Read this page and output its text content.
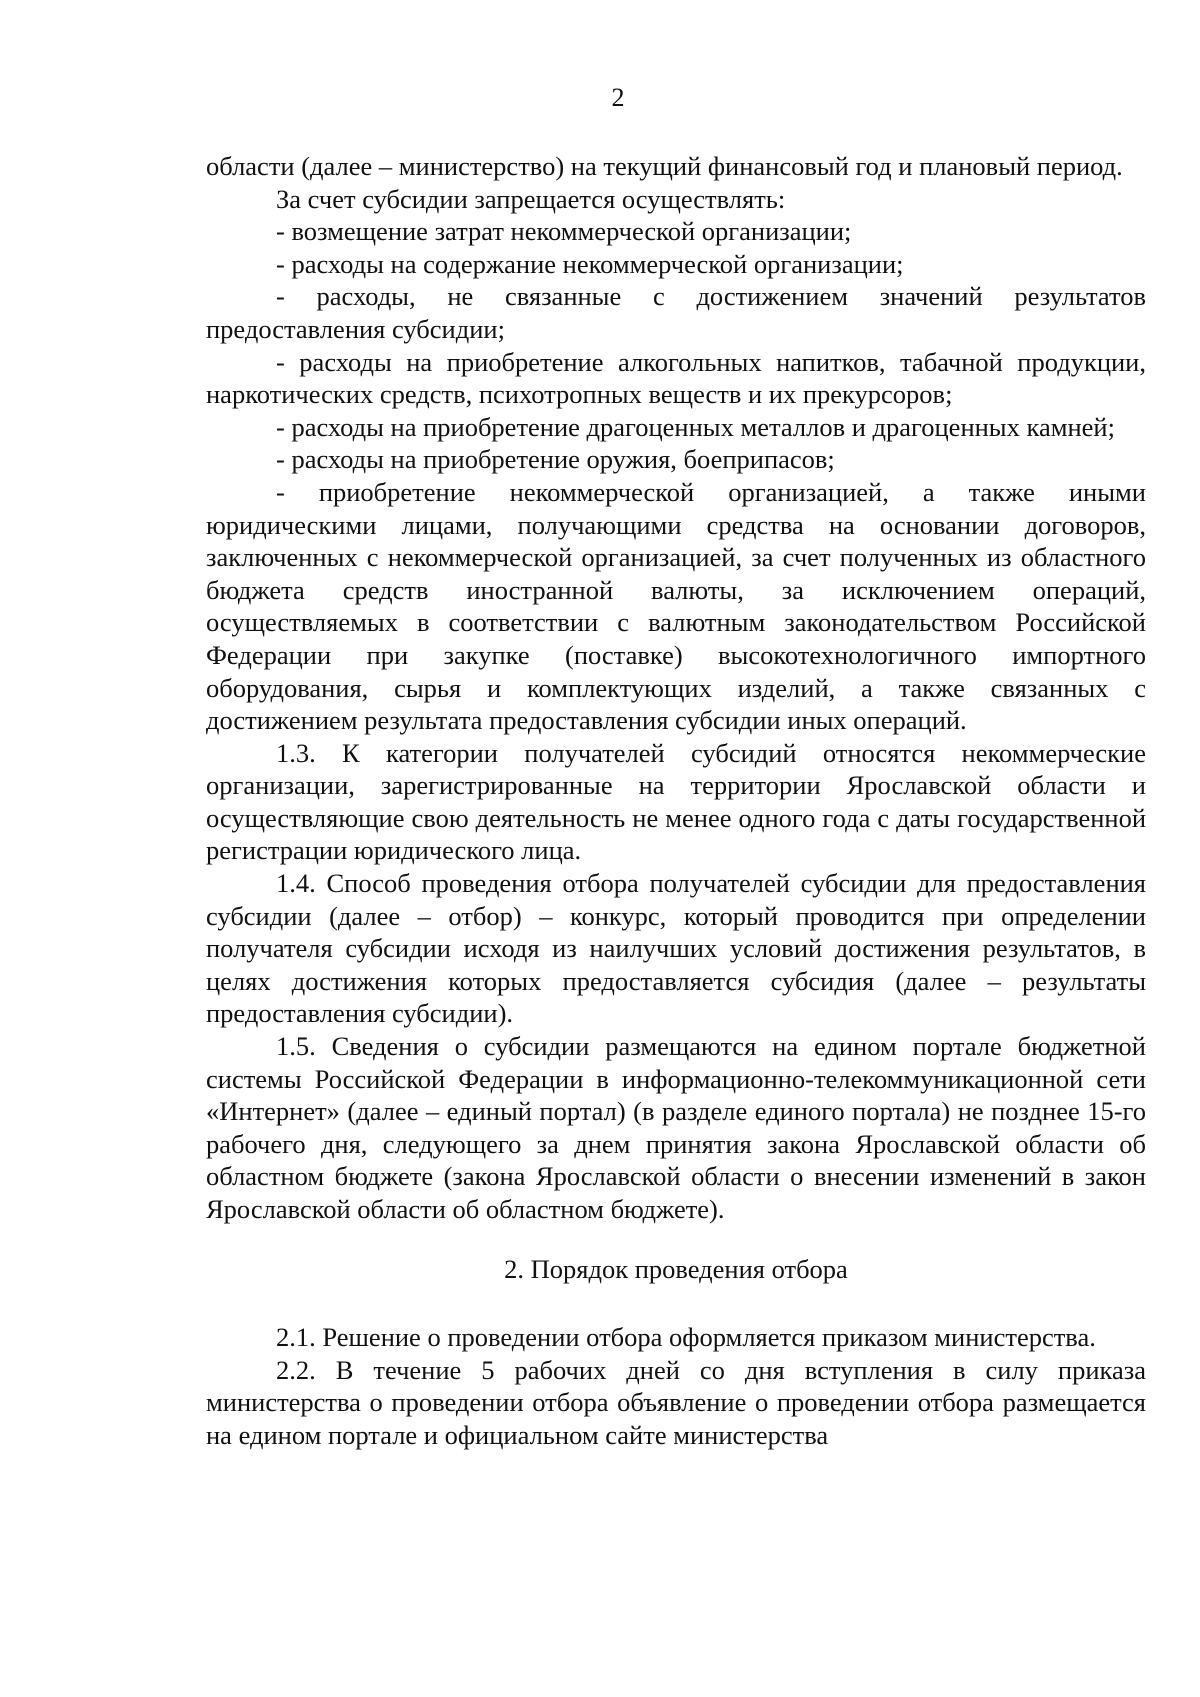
2

области (далее – министерство) на текущий финансовый год и плановый период.

За счет субсидии запрещается осуществлять:

- возмещение затрат некоммерческой организации;

- расходы на содержание некоммерческой организации;

- расходы, не связанные с достижением значений результатов предоставления субсидии;

- расходы на приобретение алкогольных напитков, табачной продукции, наркотических средств, психотропных веществ и их прекурсоров;

- расходы на приобретение драгоценных металлов и драгоценных камней;

- расходы на приобретение оружия, боеприпасов;

- приобретение некоммерческой организацией, а также иными юридическими лицами, получающими средства на основании договоров, заключенных с некоммерческой организацией, за счет полученных из областного бюджета средств иностранной валюты, за исключением операций, осуществляемых в соответствии с валютным законодательством Российской Федерации при закупке (поставке) высокотехнологичного импортного оборудования, сырья и комплектующих изделий, а также связанных с достижением результата предоставления субсидии иных операций.

1.3. К категории получателей субсидий относятся некоммерческие организации, зарегистрированные на территории Ярославской области и осуществляющие свою деятельность не менее одного года с даты государственной регистрации юридического лица.

1.4. Способ проведения отбора получателей субсидии для предоставления субсидии (далее – отбор) – конкурс, который проводится при определении получателя субсидии исходя из наилучших условий достижения результатов, в целях достижения которых предоставляется субсидия (далее – результаты предоставления субсидии).

1.5. Сведения о субсидии размещаются на едином портале бюджетной системы Российской Федерации в информационно-телекоммуникационной сети «Интернет» (далее – единый портал) (в разделе единого портала) не позднее 15-го рабочего дня, следующего за днем принятия закона Ярославской области об областном бюджете (закона Ярославской области о внесении изменений в закон Ярославской области об областном бюджете).

2. Порядок проведения отбора

2.1. Решение о проведении отбора оформляется приказом министерства.

2.2. В течение 5 рабочих дней со дня вступления в силу приказа министерства о проведении отбора объявление о проведении отбора размещается на едином портале и официальном сайте министерства
